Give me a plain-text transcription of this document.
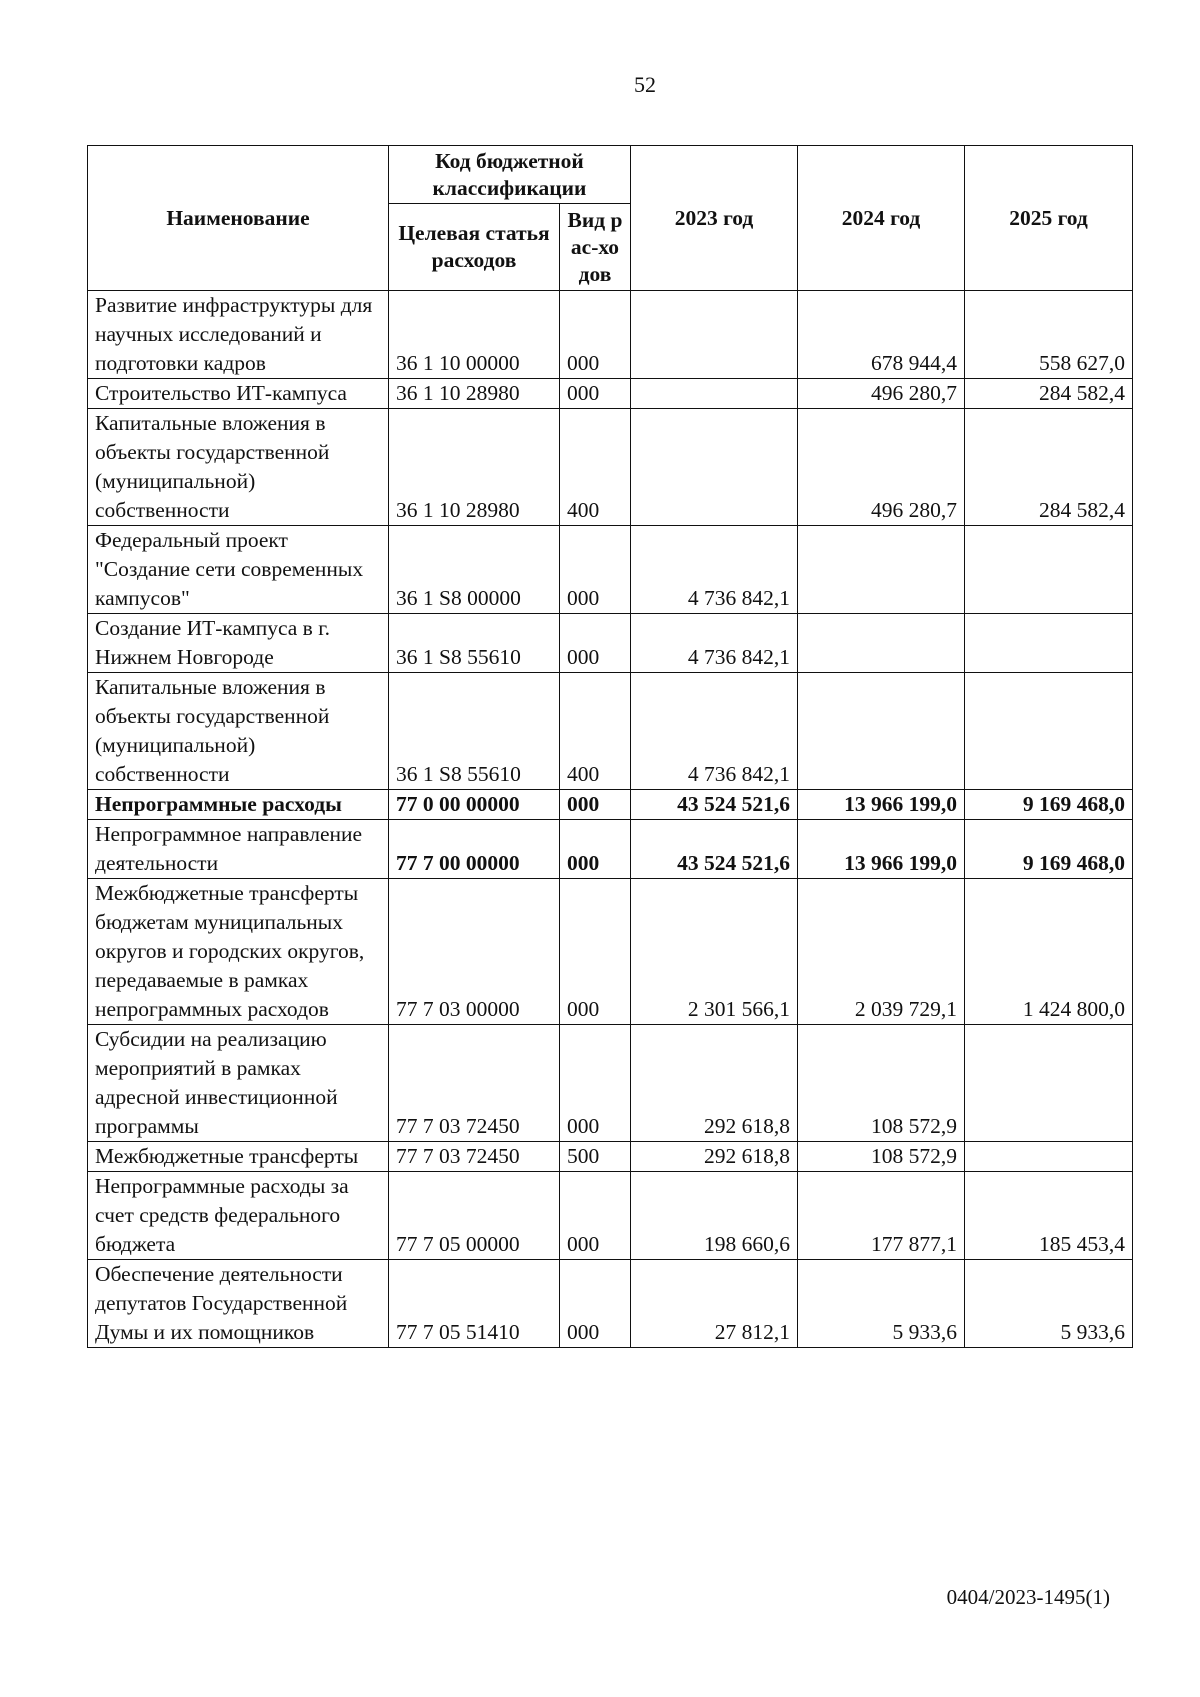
52
Наименование	Код бюджетной классификации		2023 год	2024 год	2025 год
	Целевая статья расходов	Вид рас-ходов			
Развитие инфраструктуры для научных исследований и подготовки кадров	36 1 10 00000	000		678 944,4	558 627,0
Строительство ИТ-кампуса	36 1 10 28980	000		496 280,7	284 582,4
Капитальные вложения в объекты государственной (муниципальной) собственности	36 1 10 28980	400		496 280,7	284 582,4
Федеральный проект "Создание сети современных кампусов"	36 1 S8 00000	000	4 736 842,1		
Создание ИТ-кампуса в г. Нижнем Новгороде	36 1 S8 55610	000	4 736 842,1		
Капитальные вложения в объекты государственной (муниципальной) собственности	36 1 S8 55610	400	4 736 842,1		
Непрограммные расходы	77 0 00 00000	000	43 524 521,6	13 966 199,0	9 169 468,0
Непрограммное направление деятельности	77 7 00 00000	000	43 524 521,6	13 966 199,0	9 169 468,0
Межбюджетные трансферты бюджетам муниципальных округов и городских округов, передаваемые в рамках непрограммных расходов	77 7 03 00000	000	2 301 566,1	2 039 729,1	1 424 800,0
Субсидии на реализацию мероприятий в рамках адресной инвестиционной программы	77 7 03 72450	000	292 618,8	108 572,9	
Межбюджетные трансферты	77 7 03 72450	500	292 618,8	108 572,9	
Непрограммные расходы за счет средств федерального бюджета	77 7 05 00000	000	198 660,6	177 877,1	185 453,4
Обеспечение деятельности депутатов Государственной Думы и их помощников	77 7 05 51410	000	27 812,1	5 933,6	5 933,6
0404/2023-1495(1)
